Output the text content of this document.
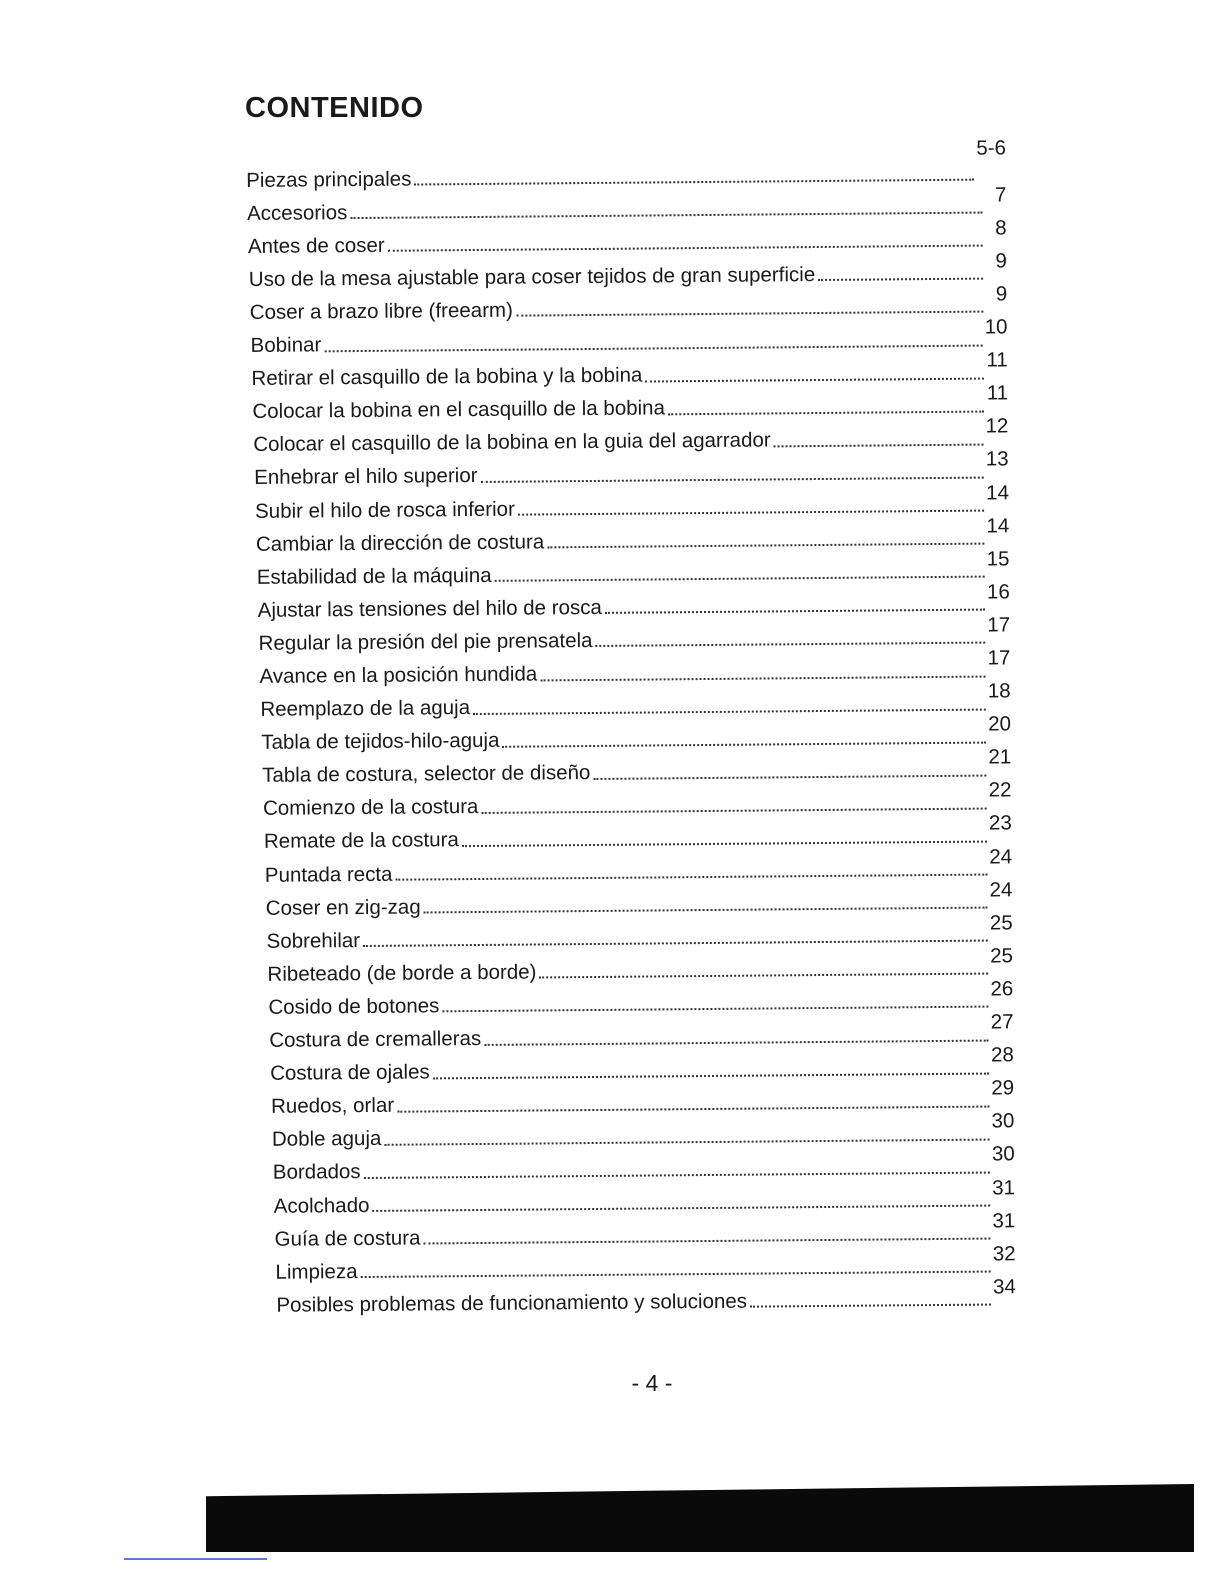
CONTENIDO
Piezas principales
5-6
Accesorios
7
Antes de coser
8
Uso de la mesa ajustable para coser tejidos de gran superficie
9
Coser a brazo libre (freearm)
9
Bobinar
10
Retirar el casquillo de la bobina y la bobina
11
Colocar la bobina en el casquillo de la bobina
11
Colocar el casquillo de la bobina en la guia del agarrador
12
Enhebrar el hilo superior
13
Subir el hilo de rosca inferior
14
Cambiar la dirección de costura
14
Estabilidad de la máquina
15
Ajustar las tensiones del hilo de rosca
16
Regular la presión del pie prensatela
17
Avance en la posición hundida
17
Reemplazo de la aguja
18
Tabla de tejidos-hilo-aguja
20
Tabla de costura, selector de diseño
21
Comienzo de la costura
22
Remate de la costura
23
Puntada recta
24
Coser en zig-zag
24
Sobrehilar
25
Ribeteado (de borde a borde)
25
Cosido de botones
26
Costura de cremalleras
27
Costura de ojales
28
Ruedos, orlar
29
Doble aguja
30
Bordados
30
Acolchado
31
Guía de costura
31
Limpieza
32
Posibles problemas de funcionamiento y soluciones
34
- 4 -
